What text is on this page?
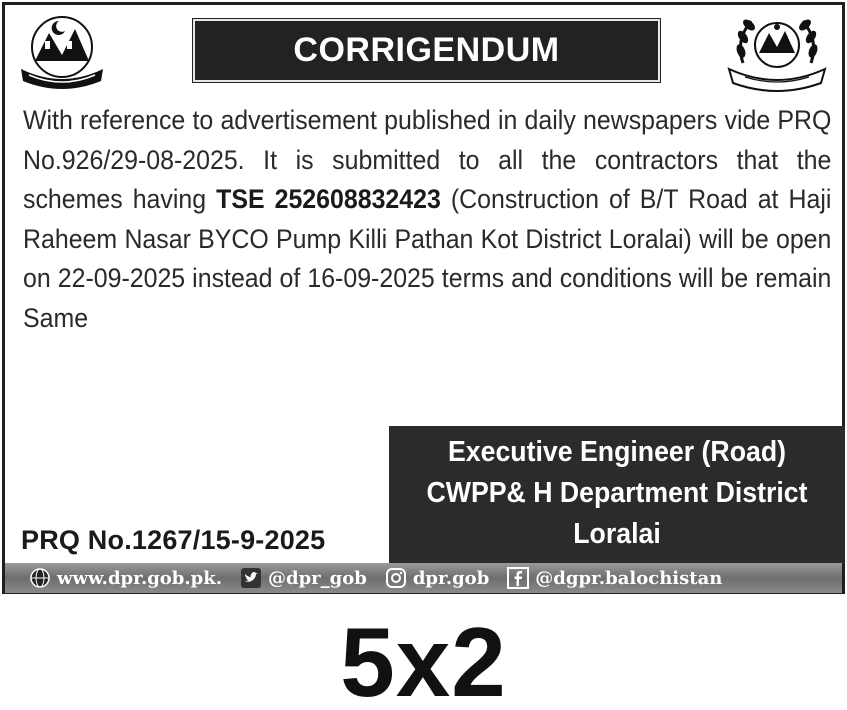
CORRIGENDUM

With reference to advertisement published in daily newspapers vide PRQ No.926/29-08-2025. It is submitted to all the contractors that the schemes having TSE 252608832423 (Construction of B/T Road at Haji Raheem Nasar BYCO Pump Killi Pathan Kot District Loralai) will be open on 22-09-2025 instead of 16-09-2025 terms and conditions will be remain Same

Executive Engineer (Road)
CWPP& H Department District
Loralai
PRQ No.1267/15-9-2025
www.dpr.gob.pk.	@dpr_gob	dpr.gob	@dgpr.balochistan
5x2
